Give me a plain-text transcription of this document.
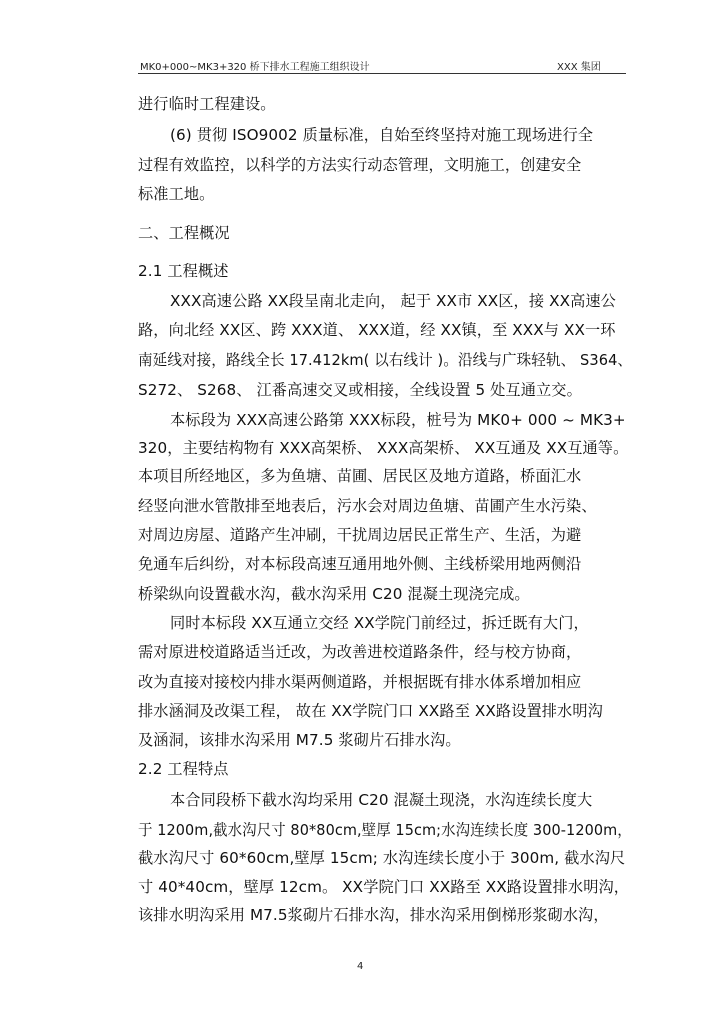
MK0+000~MK3+320 桥下排水工程施工组织设计	XXX 集团
进行临时工程建设。
(6) 贯彻 ISO9002 质量标准，自始至终坚持对施工现场进行全
过程有效监控，以科学的方法实行动态管理，文明施工，创建安全
标准工地。
二、工程概况
2.1 工程概述
XXX高速公路 XX段呈南北走向， 起于 XX市 XX区，接 XX高速公
路，向北经 XX区、跨 XXX道、 XXX道，经 XX镇，至 XXX与 XX一环
南延线对接，路线全长 17.412km( 以右线计 )。沿线与广珠轻轨、 S364、
S272、 S268、 江番高速交叉或相接，全线设置 5 处互通立交。
本标段为 XXX高速公路第 XXX标段，桩号为 MK0+ 000 ~ MK3+
320，主要结构物有 XXX高架桥、 XXX高架桥、 XX互通及 XX互通等。
本项目所经地区，多为鱼塘、苗圃、居民区及地方道路，桥面汇水
经竖向泄水管散排至地表后，污水会对周边鱼塘、苗圃产生水污染、
对周边房屋、道路产生冲刷，干扰周边居民正常生产、生活，为避
免通车后纠纷，对本标段高速互通用地外侧、主线桥梁用地两侧沿
桥梁纵向设置截水沟，截水沟采用 C20 混凝土现浇完成。
同时本标段 XX互通立交经 XX学院门前经过，拆迁既有大门，
需对原进校道路适当迁改，为改善进校道路条件，经与校方协商，
改为直接对接校内排水渠两侧道路，并根据既有排水体系增加相应
排水涵洞及改渠工程， 故在 XX学院门口 XX路至 XX路设置排水明沟
及涵洞，该排水沟采用 M7.5 浆砌片石排水沟。
2.2 工程特点
本合同段桥下截水沟均采用 C20 混凝土现浇，水沟连续长度大
于 1200m,截水沟尺寸 80*80cm,壁厚 15cm;水沟连续长度 300-1200m，
截水沟尺寸 60*60cm,壁厚 15cm; 水沟连续长度小于 300m, 截水沟尺
寸 40*40cm，壁厚 12cm。 XX学院门口 XX路至 XX路设置排水明沟，
该排水明沟采用 M7.5浆砌片石排水沟，排水沟采用倒梯形浆砌水沟，
4
